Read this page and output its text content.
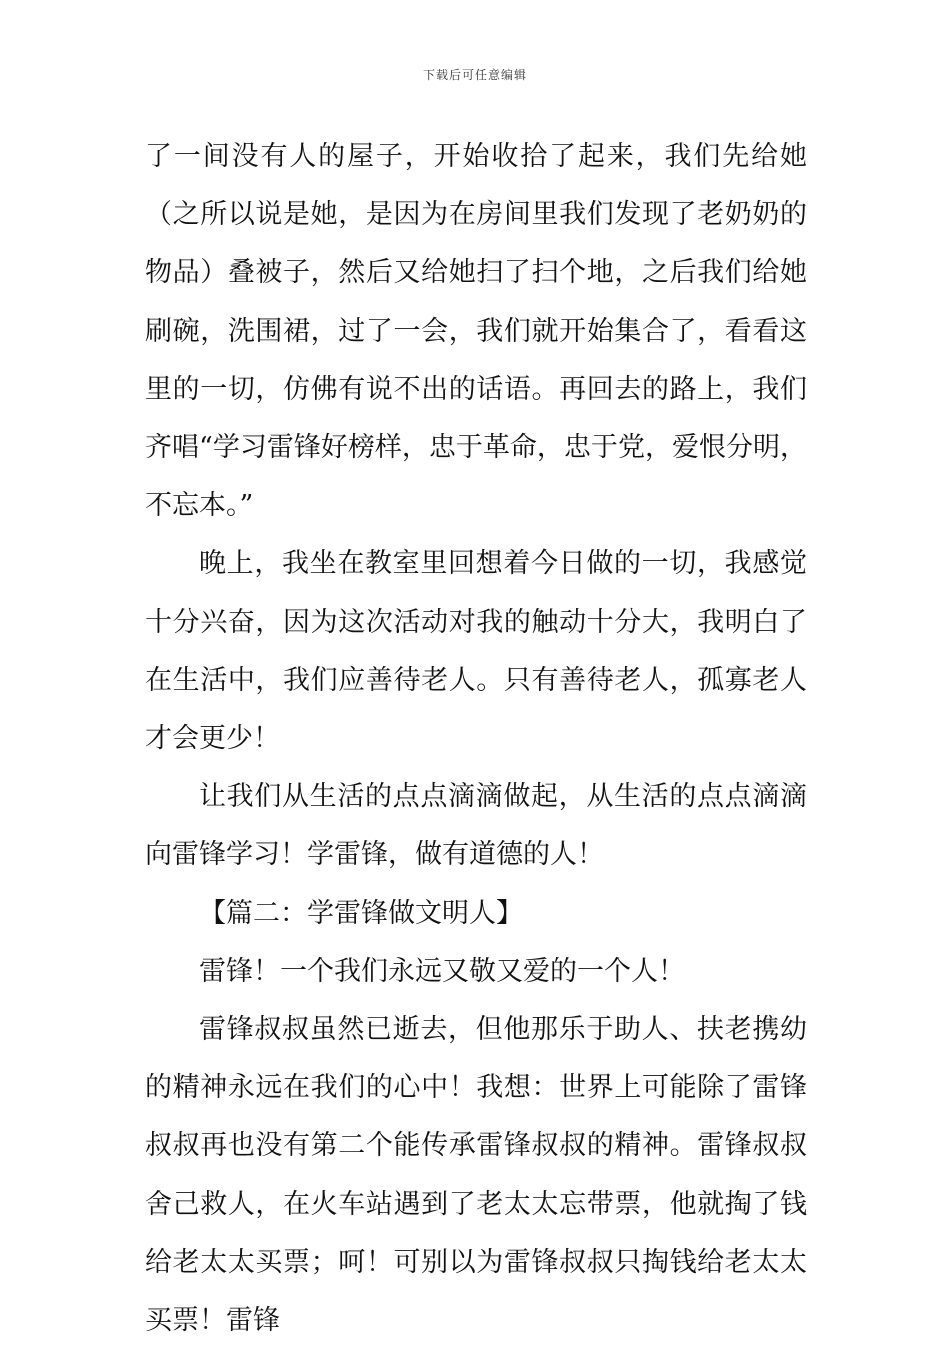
下载后可任意编辑

了一间没有人的屋子，开始收拾了起来，我们先给她（之所以说是她，是因为在房间里我们发现了老奶奶的物品）叠被子，然后又给她扫了扫个地，之后我们给她刷碗，洗围裙，过了一会，我们就开始集合了，看看这里的一切，仿佛有说不出的话语。再回去的路上，我们齐唱“学习雷锋好榜样，忠于革命，忠于党，爱恨分明，不忘本。”

晚上，我坐在教室里回想着今日做的一切，我感觉十分兴奋，因为这次活动对我的触动十分大，我明白了在生活中，我们应善待老人。只有善待老人，孤寡老人才会更少！

让我们从生活的点点滴滴做起，从生活的点点滴滴向雷锋学习！学雷锋，做有道德的人！

【篇二：学雷锋做文明人】

雷锋！一个我们永远又敬又爱的一个人！

雷锋叔叔虽然已逝去，但他那乐于助人、扶老携幼的精神永远在我们的心中！我想：世界上可能除了雷锋叔叔再也没有第二个能传承雷锋叔叔的精神。雷锋叔叔舍己救人，在火车站遇到了老太太忘带票，他就掏了钱给老太太买票；呵！可别以为雷锋叔叔只掏钱给老太太买票！雷锋
